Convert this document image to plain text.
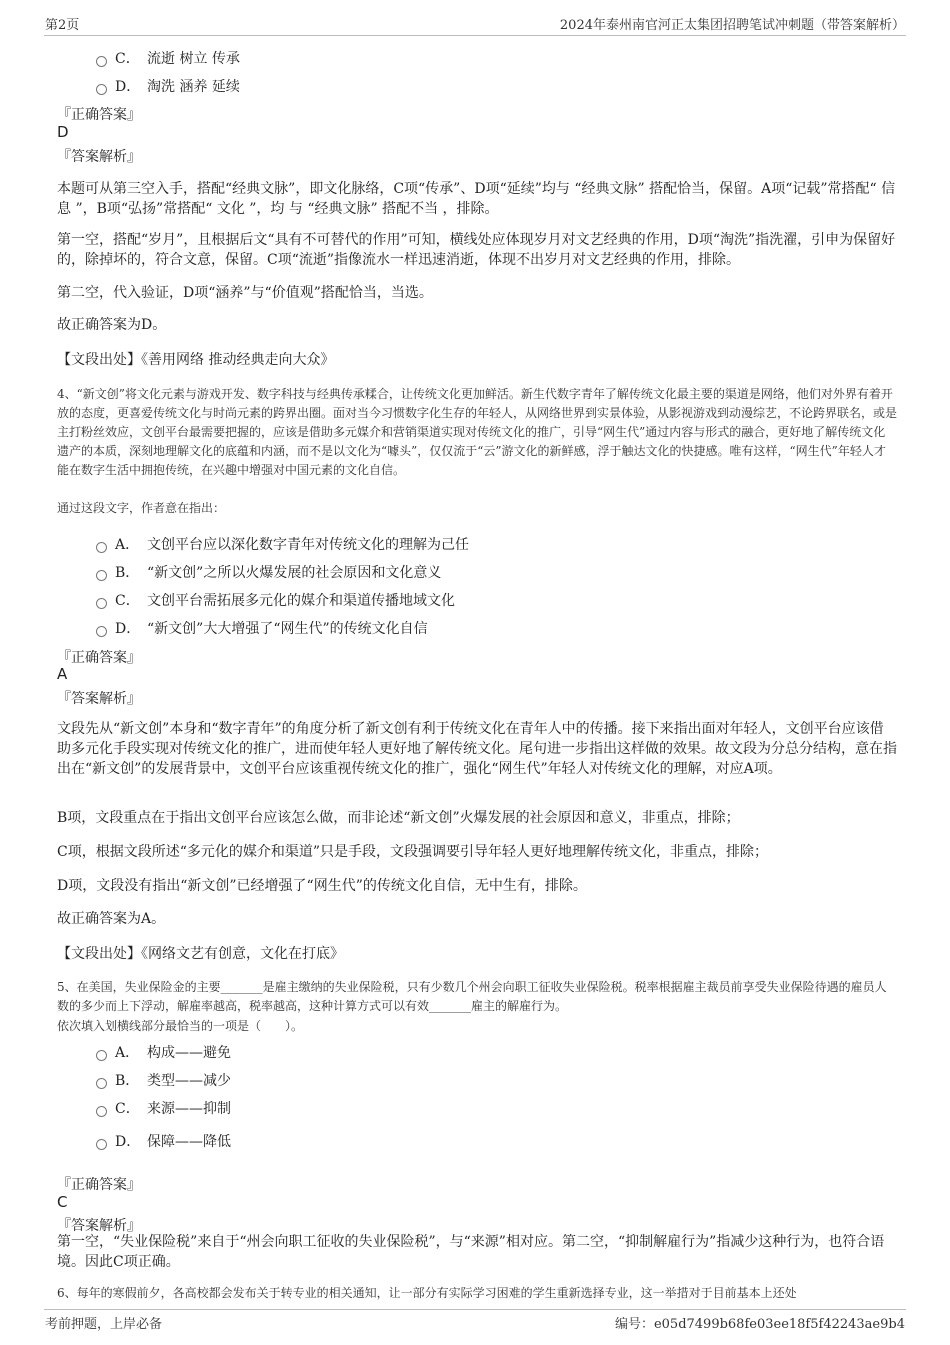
第2页	2024年泰州南官河正太集团招聘笔试冲刺题（带答案解析）
C． 流逝 树立 传承
D． 淘洗 涵养 延续
『正确答案』
D
『答案解析』
本题可从第三空入手，搭配“经典文脉”，即文化脉络，C项“传承”、D项“延续”均与 “经典文脉” 搭配恰当，保留。A项“记载”常搭配“ 信息 ”，B项“弘扬”常搭配“ 文化 ”，均 与 “经典文脉” 搭配不当 ，排除。
第一空，搭配“岁月”，且根据后文“具有不可替代的作用”可知，横线处应体现岁月对文艺经典的作用，D项“淘洗”指洗濯，引申为保留好的，除掉坏的，符合文意，保留。C项“流逝”指像流水一样迅速消逝，体现不出岁月对文艺经典的作用，排除。
第二空，代入验证，D项“涵养”与“价值观”搭配恰当，当选。
故正确答案为D。
【文段出处】《善用网络 推动经典走向大众》
4、“新文创”将文化元素与游戏开发、数字科技与经典传承糅合，让传统文化更加鲜活。新生代数字青年了解传统文化最主要的渠道是网络，他们对外界有着开放的态度，更喜爱传统文化与时尚元素的跨界出圈。面对当今习惯数字化生存的年轻人，从网络世界到实景体验，从影视游戏到动漫综艺，不论跨界联名，或是主打粉丝效应，文创平台最需要把握的，应该是借助多元媒介和营销渠道实现对传统文化的推广，引导“网生代”通过内容与形式的融合，更好地了解传统文化遗产的本质，深刻地理解文化的底蕴和内涵，而不是以文化为“噱头”，仅仅流于“云”游文化的新鲜感，浮于触达文化的快捷感。唯有这样，“网生代”年轻人才能在数字生活中拥抱传统，在兴趣中增强对中国元素的文化自信。
通过这段文字，作者意在指出：
A． 文创平台应以深化数字青年对传统文化的理解为己任
B． “新文创”之所以火爆发展的社会原因和文化意义
C． 文创平台需拓展多元化的媒介和渠道传播地域文化
D． “新文创”大大增强了“网生代”的传统文化自信
『正确答案』
A
『答案解析』
文段先从“新文创”本身和“数字青年”的角度分析了新文创有利于传统文化在青年人中的传播。接下来指出面对年轻人，文创平台应该借助多元化手段实现对传统文化的推广，进而使年轻人更好地了解传统文化。尾句进一步指出这样做的效果。故文段为分总分结构，意在指出在“新文创”的发展背景中，文创平台应该重视传统文化的推广，强化“网生代”年轻人对传统文化的理解，对应A项。
B项，文段重点在于指出文创平台应该怎么做，而非论述“新文创”火爆发展的社会原因和意义，非重点，排除；
C项，根据文段所述“多元化的媒介和渠道”只是手段，文段强调要引导年轻人更好地理解传统文化，非重点，排除；
D项，文段没有指出“新文创”已经增强了“网生代”的传统文化自信，无中生有，排除。
故正确答案为A。
【文段出处】《网络文艺有创意，文化在打底》
5、在美国，失业保险金的主要_______是雇主缴纳的失业保险税，只有少数几个州会向职工征收失业保险税。税率根据雇主裁员前享受失业保险待遇的雇员人数的多少而上下浮动，解雇率越高，税率越高，这种计算方式可以有效_______雇主的解雇行为。
依次填入划横线部分最恰当的一项是（　　）。
A． 构成——避免
B． 类型——减少
C． 来源——抑制
D． 保障——降低
『正确答案』
C
『答案解析』
第一空，“失业保险税”来自于“州会向职工征收的失业保险税”，与“来源”相对应。第二空，“抑制解雇行为”指减少这种行为，也符合语境。因此C项正确。
6、每年的寒假前夕，各高校都会发布关于转专业的相关通知，让一部分有实际学习困难的学生重新选择专业，这一举措对于目前基本上还处
考前押题，上岸必备	编号：e05d7499b68fe03ee18f5f42243ae9b4
